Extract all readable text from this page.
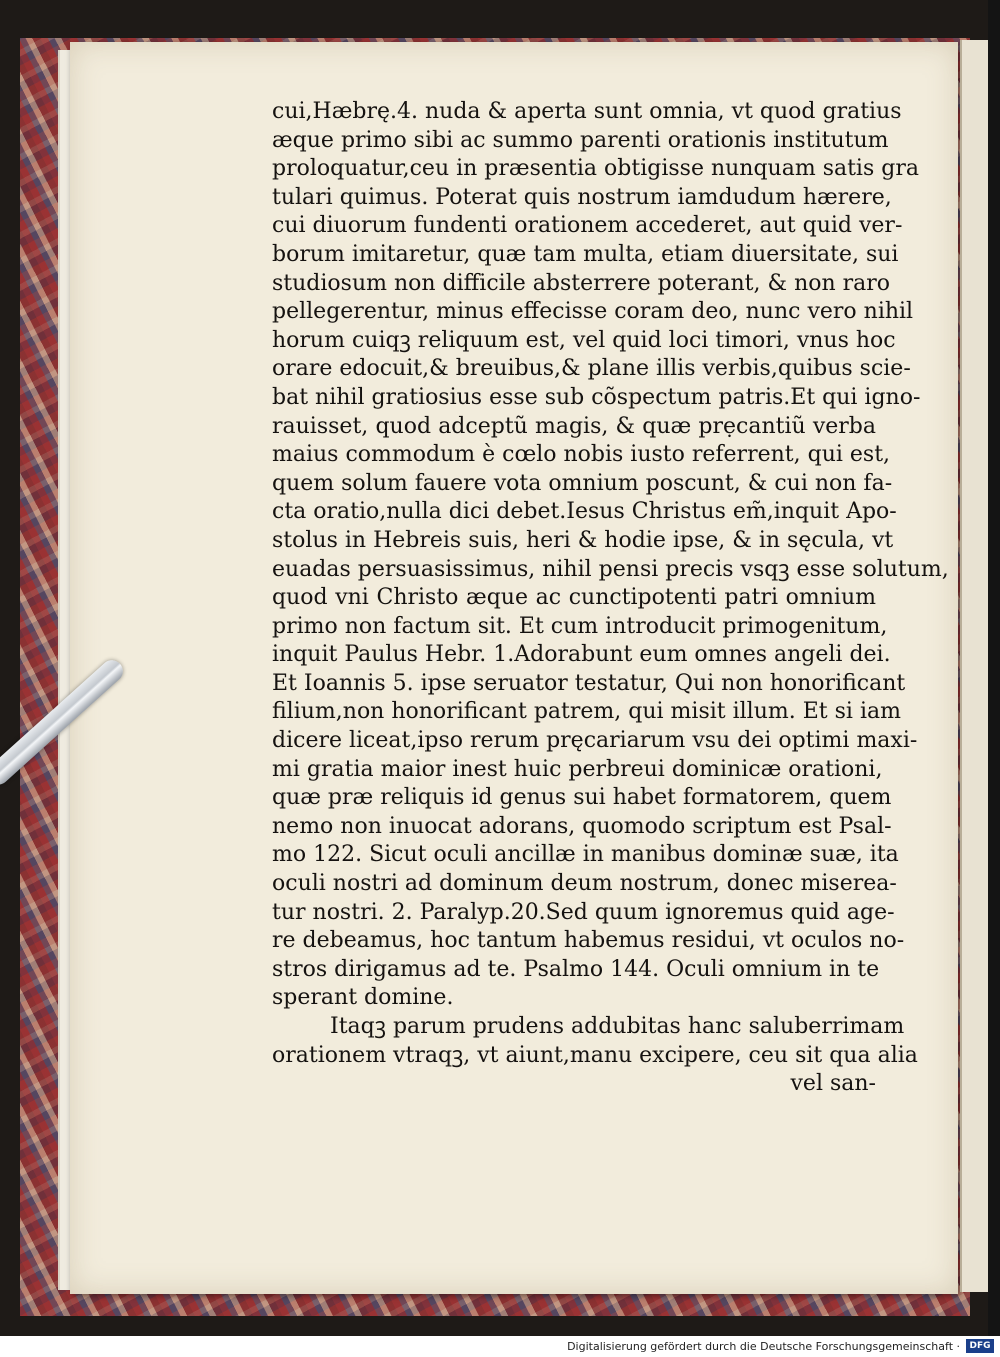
cui,Hæbrę.4. nuda & aperta sunt omnia, vt quod gratius
æque primo sibi ac summo parenti orationis institutum
proloquatur,ceu in præsentia obtigisse nunquam satis gra
tulari quimus. Poterat quis nostrum iamdudum hærere,
cui diuorum fundenti orationem accederet, aut quid ver-
borum imitaretur, quæ tam multa, etiam diuersitate, sui
studiosum non difficile absterrere poterant, & non raro
pellegerentur, minus effecisse coram deo, nunc vero nihil
horum cuiqꝫ reliquum est, vel quid loci timori, vnus hoc
orare edocuit,& breuibus,& plane illis verbis,quibus scie-
bat nihil gratiosius esse sub cõspectum patris.Et qui igno-
rauisset, quod adceptũ magis, & quæ prẹcantiũ verba
maius commodum è cœlo nobis iusto referrent, qui est,
quem solum fauere vota omnium poscunt, & cui non fa-
cta oratio,nulla dici debet.Iesus Christus em̃,inquit Apo-
stolus in Hebreis suis, heri & hodie ipse, & in sęcula, vt
euadas persuasissimus, nihil pensi precis vsqꝫ esse solutum,
quod vni Christo æque ac cunctipotenti patri omnium
primo non factum sit. Et cum introducit primogenitum,
inquit Paulus Hebr. 1.Adorabunt eum omnes angeli dei.
Et Ioannis 5. ipse seruator testatur, Qui non honorificant
filium,non honorificant patrem, qui misit illum. Et si iam
dicere liceat,ipso rerum pręcariarum vsu dei optimi maxi-
mi gratia maior inest huic perbreui dominicæ orationi,
quæ præ reliquis id genus sui habet formatorem, quem
nemo non inuocat adorans, quomodo scriptum est Psal-
mo 122. Sicut oculi ancillæ in manibus dominæ suæ, ita
oculi nostri ad dominum deum nostrum, donec miserea-
tur nostri. 2. Paralyp.20.Sed quum ignoremus quid age-
re debeamus, hoc tantum habemus residui, vt oculos no-
stros dirigamus ad te. Psalmo 144. Oculi omnium in te
sperant domine.
Itaqꝫ parum prudens addubitas hanc saluberrimam
orationem vtraqꝫ, vt aiunt,manu excipere, ceu sit qua alia
vel san-
Digitalisierung gefördert durch die Deutsche Forschungsgemeinschaft ·	DFG
